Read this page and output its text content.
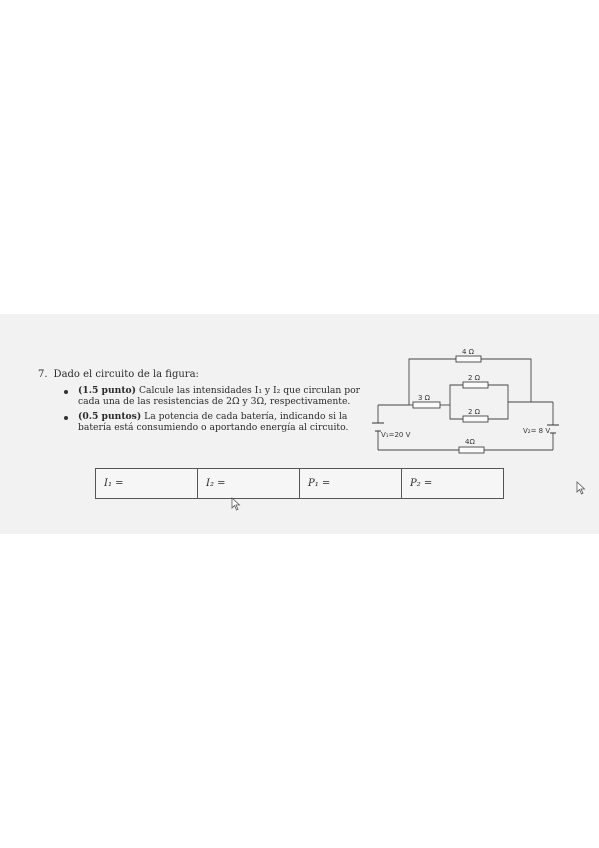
7. Dado el circuito de la figura:
(1.5 punto) Calcule las intensidades I₁ y I₂ que circulan por cada una de las resistencias de 2Ω y 3Ω, respectivamente.
(0.5 puntos) La potencia de cada batería, indicando si la batería está consumiendo o aportando energía al circuito.
4 Ω
2 Ω
3 Ω
2 Ω
4Ω
V₁=20 V	V₂= 8 V
I₁ =	I₂ =	P₁ =	P₂ =
